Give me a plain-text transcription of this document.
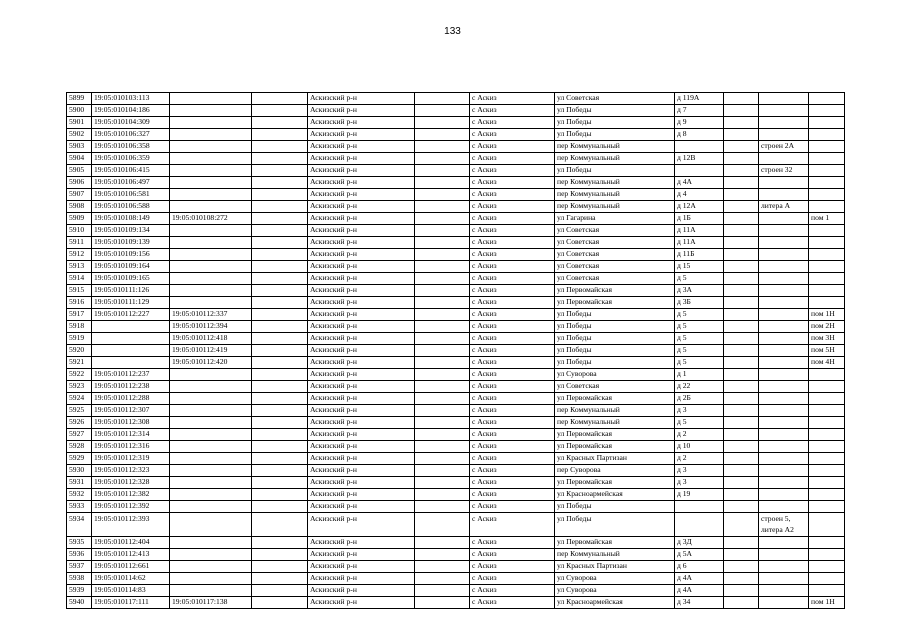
133
5899	19:05:010103:113			Аскизский р-н		с Аскиз	ул Советская	д 119А			
5900	19:05:010104:186			Аскизский р-н		с Аскиз	ул Победы	д 7			
5901	19:05:010104:309			Аскизский р-н		с Аскиз	ул Победы	д 9			
5902	19:05:010106:327			Аскизский р-н		с Аскиз	ул Победы	д 8			
5903	19:05:010106:358			Аскизский р-н		с Аскиз	пер Коммунальный			строен 2А	
5904	19:05:010106:359			Аскизский р-н		с Аскиз	пер Коммунальный	д 12В			
5905	19:05:010106:415			Аскизский р-н		с Аскиз	ул Победы			строен 32	
5906	19:05:010106:497			Аскизский р-н		с Аскиз	пер Коммунальный	д 4А			
5907	19:05:010106:581			Аскизский р-н		с Аскиз	пер Коммунальный	д 4			
5908	19:05:010106:588			Аскизский р-н		с Аскиз	пер Коммунальный	д 12А		литера А	
5909	19:05:010108:149	19:05:010108:272		Аскизский р-н		с Аскиз	ул Гагарина	д 1Б			пом 1
5910	19:05:010109:134			Аскизский р-н		с Аскиз	ул Советская	д 11А			
5911	19:05:010109:139			Аскизский р-н		с Аскиз	ул Советская	д 11А			
5912	19:05:010109:156			Аскизский р-н		с Аскиз	ул Советская	д 11Б			
5913	19:05:010109:164			Аскизский р-н		с Аскиз	ул Советская	д 15			
5914	19:05:010109:165			Аскизский р-н		с Аскиз	ул Советская	д 5			
5915	19:05:010111:126			Аскизский р-н		с Аскиз	ул Первомайская	д 3А			
5916	19:05:010111:129			Аскизский р-н		с Аскиз	ул Первомайская	д 3Б			
5917	19:05:010112:227	19:05:010112:337		Аскизский р-н		с Аскиз	ул Победы	д 5			пом 1Н
5918		19:05:010112:394		Аскизский р-н		с Аскиз	ул Победы	д 5			пом 2Н
5919		19:05:010112:418		Аскизский р-н		с Аскиз	ул Победы	д 5			пом 3Н
5920		19:05:010112:419		Аскизский р-н		с Аскиз	ул Победы	д 5			пом 5Н
5921		19:05:010112:420		Аскизский р-н		с Аскиз	ул Победы	д 5			пом 4Н
5922	19:05:010112:237			Аскизский р-н		с Аскиз	ул Суворова	д 1			
5923	19:05:010112:238			Аскизский р-н		с Аскиз	ул Советская	д 22			
5924	19:05:010112:288			Аскизский р-н		с Аскиз	ул Первомайская	д 2Б			
5925	19:05:010112:307			Аскизский р-н		с Аскиз	пер Коммунальный	д 3			
5926	19:05:010112:308			Аскизский р-н		с Аскиз	пер Коммунальный	д 5			
5927	19:05:010112:314			Аскизский р-н		с Аскиз	ул Первомайская	д 2			
5928	19:05:010112:316			Аскизский р-н		с Аскиз	ул Первомайская	д 10			
5929	19:05:010112:319			Аскизский р-н		с Аскиз	ул Красных Партизан	д 2			
5930	19:05:010112:323			Аскизский р-н		с Аскиз	пер Суворова	д 3			
5931	19:05:010112:328			Аскизский р-н		с Аскиз	ул Первомайская	д 3			
5932	19:05:010112:382			Аскизский р-н		с Аскиз	ул Красноармейская	д 19			
5933	19:05:010112:392			Аскизский р-н		с Аскиз	ул Победы				
5934	19:05:010112:393			Аскизский р-н		с Аскиз	ул Победы			строен 5, литера А2	
5935	19:05:010112:404			Аскизский р-н		с Аскиз	ул Первомайская	д 3Д			
5936	19:05:010112:413			Аскизский р-н		с Аскиз	пер Коммунальный	д 5А			
5937	19:05:010112:661			Аскизский р-н		с Аскиз	ул Красных Партизан	д 6			
5938	19:05:010114:62			Аскизский р-н		с Аскиз	ул Суворова	д 4А			
5939	19:05:010114:83			Аскизский р-н		с Аскиз	ул Суворова	д 4А			
5940	19:05:010117:111	19:05:010117:138		Аскизский р-н		с Аскиз	ул Красноармейская	д 34			пом 1Н
